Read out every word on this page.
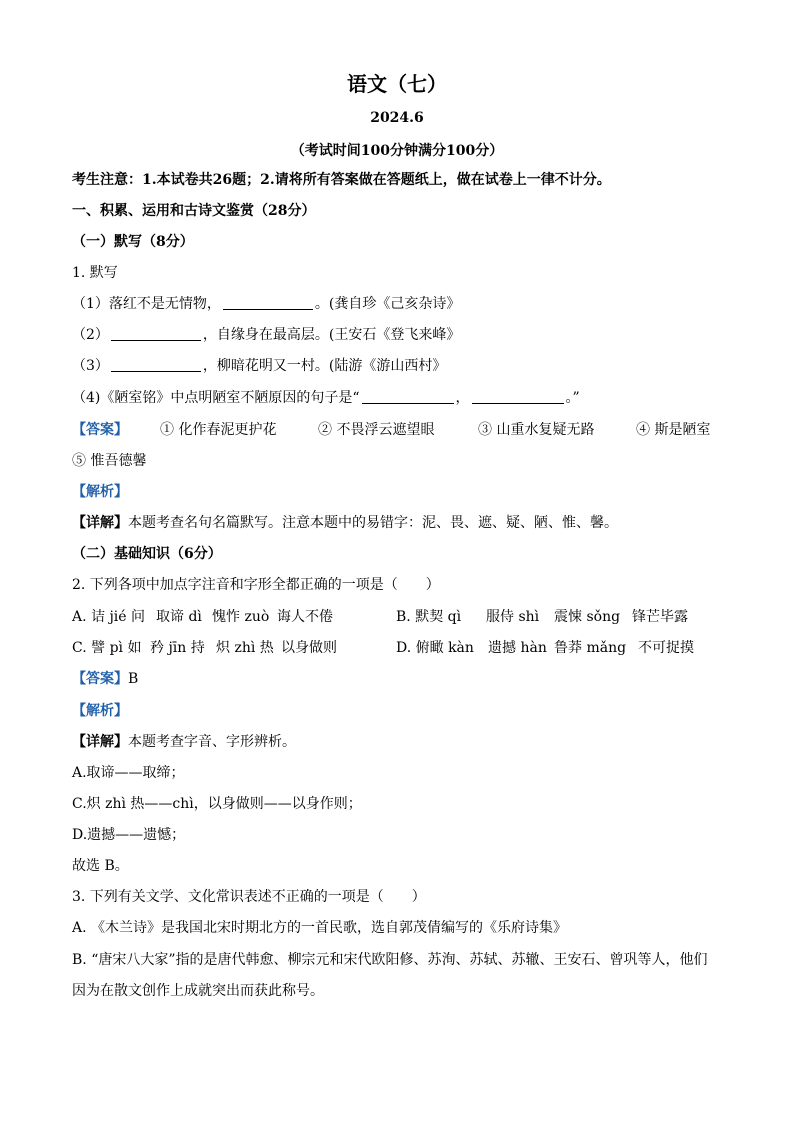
语文（七）
2024.6
（考试时间100分钟满分100分）
考生注意：1.本试卷共26题；2.请将所有答案做在答题纸上，做在试卷上一律不计分。
一、积累、运用和古诗文鉴赏（28分）
（一）默写（8分）
1. 默写
（1）落红不是无情物，	。(龚自珍《己亥杂诗》
（2）	，自缘身在最高层。(王安石《登飞来峰》
（3）	，柳暗花明又一村。(陆游《游山西村》
（4)《陋室铭》中点明陋室不陋原因的句子是“	，	。”
【答案】 ① 化作春泥更护花	② 不畏浮云遮望眼	③ 山重水复疑无路	④ 斯是陋室
⑤ 惟吾德馨
【解析】
【详解】本题考查名句名篇默写。注意本题中的易错字：泥、畏、遮、疑、陋、惟、馨。
（二）基础知识（6分）
2. 下列各项中加点字注音和字形全都正确的一项是（　　）
A. 诘 jié 问 取谛 dì 愧怍 zuò 诲人不倦	B. 默契 qì 服侍 shì 震悚 sǒng 锋芒毕露
C. 譬 pì 如 矜 jīn 持 炽 zhì 热 以身做则	D. 俯瞰 kàn 遗撼 hàn 鲁莽 mǎng 不可捉摸
【答案】B
【解析】
【详解】本题考查字音、字形辨析。
A.取谛——取缔；
C.炽 zhì 热——chì，以身做则——以身作则；
D.遗撼——遗憾；
故选 B。
3. 下列有关文学、文化常识表述不正确的一项是（　　）
A. 《木兰诗》是我国北宋时期北方的一首民歌，选自郭茂倩编写的《乐府诗集》
B. “唐宋八大家”指的是唐代韩愈、柳宗元和宋代欧阳修、苏洵、苏轼、苏辙、王安石、曾巩等人，他们
因为在散文创作上成就突出而获此称号。
